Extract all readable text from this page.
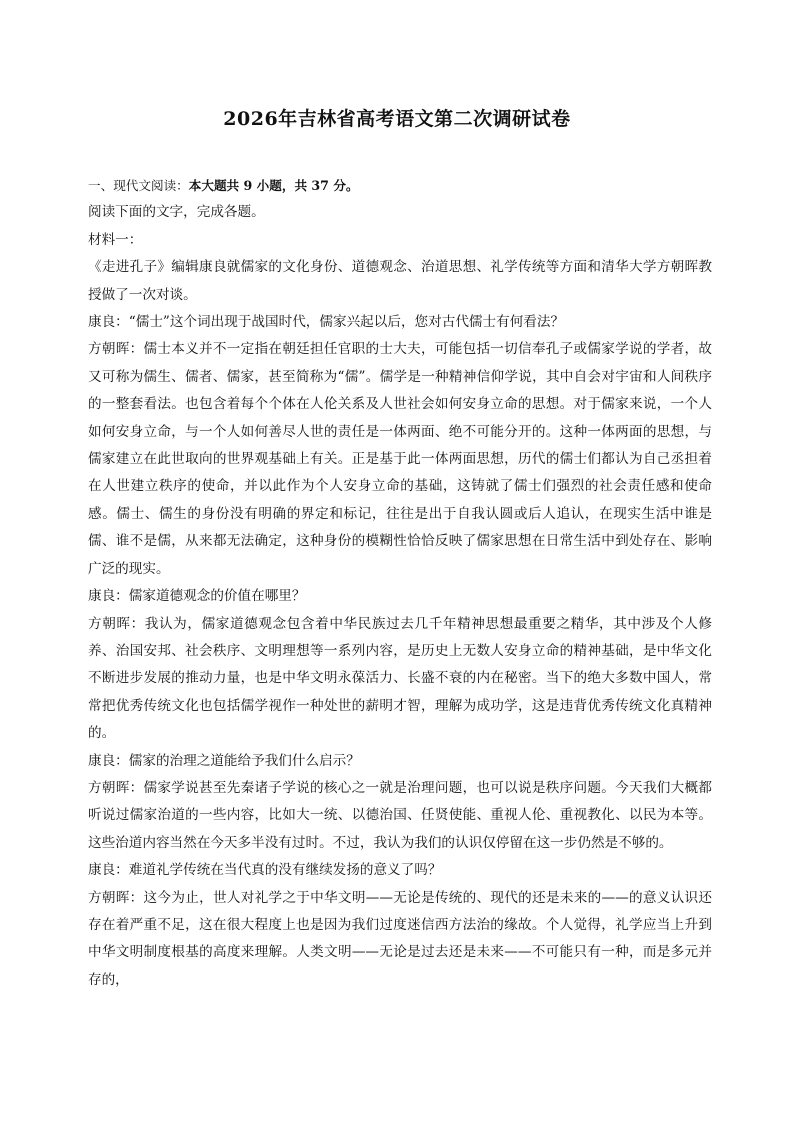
2026年吉林省高考语文第二次调研试卷

一、现代文阅读：本大题共 9 小题，共 37 分。

阅读下面的文字，完成各题。

材料一：

《走进孔子》编辑康良就儒家的文化身份、道德观念、治道思想、礼学传统等方面和清华大学方朝晖教授做了一次对谈。

康良：“儒士”这个词出现于战国时代，儒家兴起以后，您对古代儒士有何看法？

方朝晖：儒士本义并不一定指在朝廷担任官职的士大夫，可能包括一切信奉孔子或儒家学说的学者，故又可称为儒生、儒者、儒家，甚至简称为“儒”。儒学是一种精神信仰学说，其中自会对宇宙和人间秩序的一整套看法。也包含着每个个体在人伦关系及人世社会如何安身立命的思想。对于儒家来说，一个人如何安身立命，与一个人如何善尽人世的责任是一体两面、绝不可能分开的。这种一体两面的思想，与儒家建立在此世取向的世界观基础上有关。正是基于此一体两面思想，历代的儒士们都认为自己丞担着在人世建立秩序的使命，并以此作为个人安身立命的基础，这铸就了儒士们强烈的社会责任感和使命感。儒士、儒生的身份没有明确的界定和标记，往往是出于自我认圆或后人追认，在现实生活中谁是儒、谁不是儒，从来都无法确定，这种身份的模糊性恰恰反映了儒家思想在日常生活中到处存在、影响广泛的现实。

康良：儒家道德观念的价值在哪里？

方朝晖：我认为，儒家道德观念包含着中华民族过去几千年精神思想最重要之精华，其中涉及个人修养、治国安邦、社会秩序、文明理想等一系列内容，是历史上无数人安身立命的精神基础，是中华文化不断进步发展的推动力量，也是中华文明永葆活力、长盛不衰的内在秘密。当下的绝大多数中国人，常常把优秀传统文化也包括儒学视作一种处世的薪明才智，理解为成功学，这是违背优秀传统文化真精神的。

康良：儒家的治理之道能给予我们什么启示？

方朝晖：儒家学说甚至先秦诸子学说的核心之一就是治理问题，也可以说是秩序问题。今天我们大概都听说过儒家治道的一些内容，比如大一统、以德治国、任贤使能、重视人伦、重视教化、以民为本等。这些治道内容当然在今天多半没有过时。不过，我认为我们的认识仅停留在这一步仍然是不够的。

康良：难道礼学传统在当代真的没有继续发扬的意义了吗？

方朝晖：这今为止，世人对礼学之于中华文明——无论是传统的、现代的还是未来的——的意义认识还存在着严重不足，这在很大程度上也是因为我们过度迷信西方法治的缘故。个人觉得，礼学应当上升到中华文明制度根基的高度来理解。人类文明——无论是过去还是未来——不可能只有一种，而是多元并存的，
